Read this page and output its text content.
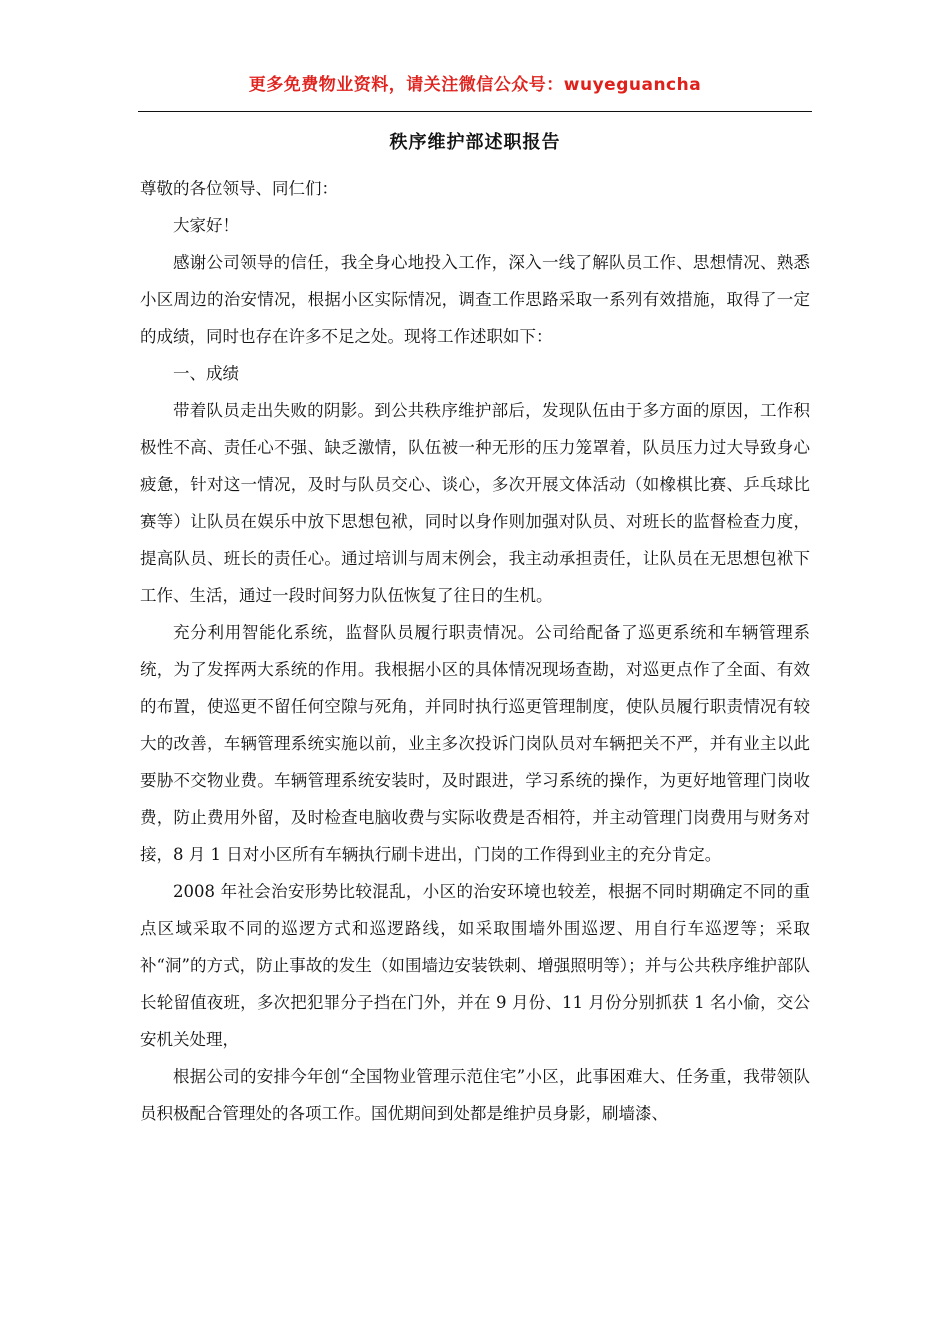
更多免费物业资料，请关注微信公众号：wuyeguancha
秩序维护部述职报告

尊敬的各位领导、同仁们：

大家好！

感谢公司领导的信任，我全身心地投入工作，深入一线了解队员工作、思想情况、熟悉小区周边的治安情况，根据小区实际情况，调查工作思路采取一系列有效措施，取得了一定的成绩，同时也存在许多不足之处。现将工作述职如下：

一、成绩

带着队员走出失败的阴影。到公共秩序维护部后，发现队伍由于多方面的原因，工作积极性不高、责任心不强、缺乏激情，队伍被一种无形的压力笼罩着，队员压力过大导致身心疲惫，针对这一情况，及时与队员交心、谈心，多次开展文体活动（如橡棋比赛、乒乓球比赛等）让队员在娱乐中放下思想包袱，同时以身作则加强对队员、对班长的监督检查力度，提高队员、班长的责任心。通过培训与周末例会，我主动承担责任，让队员在无思想包袱下工作、生活，通过一段时间努力队伍恢复了往日的生机。

充分利用智能化系统，监督队员履行职责情况。公司给配备了巡更系统和车辆管理系统，为了发挥两大系统的作用。我根据小区的具体情况现场查勘，对巡更点作了全面、有效的布置，使巡更不留任何空隙与死角，并同时执行巡更管理制度，使队员履行职责情况有较大的改善，车辆管理系统实施以前，业主多次投诉门岗队员对车辆把关不严，并有业主以此要胁不交物业费。车辆管理系统安装时，及时跟进，学习系统的操作，为更好地管理门岗收费，防止费用外留，及时检查电脑收费与实际收费是否相符，并主动管理门岗费用与财务对接，8 月 1 日对小区所有车辆执行刷卡进出，门岗的工作得到业主的充分肯定。

2008 年社会治安形势比较混乱，小区的治安环境也较差，根据不同时期确定不同的重点区域采取不同的巡逻方式和巡逻路线，如采取围墙外围巡逻、用自行车巡逻等；采取补“洞”的方式，防止事故的发生（如围墙边安装铁刺、增强照明等）；并与公共秩序维护部队长轮留值夜班，多次把犯罪分子挡在门外，并在 9 月份、11 月份分别抓获 1 名小偷，交公安机关处理，

根据公司的安排今年创“全国物业管理示范住宅”小区，此事困难大、任务重，我带领队员积极配合管理处的各项工作。国优期间到处都是维护员身影，刷墙漆、
